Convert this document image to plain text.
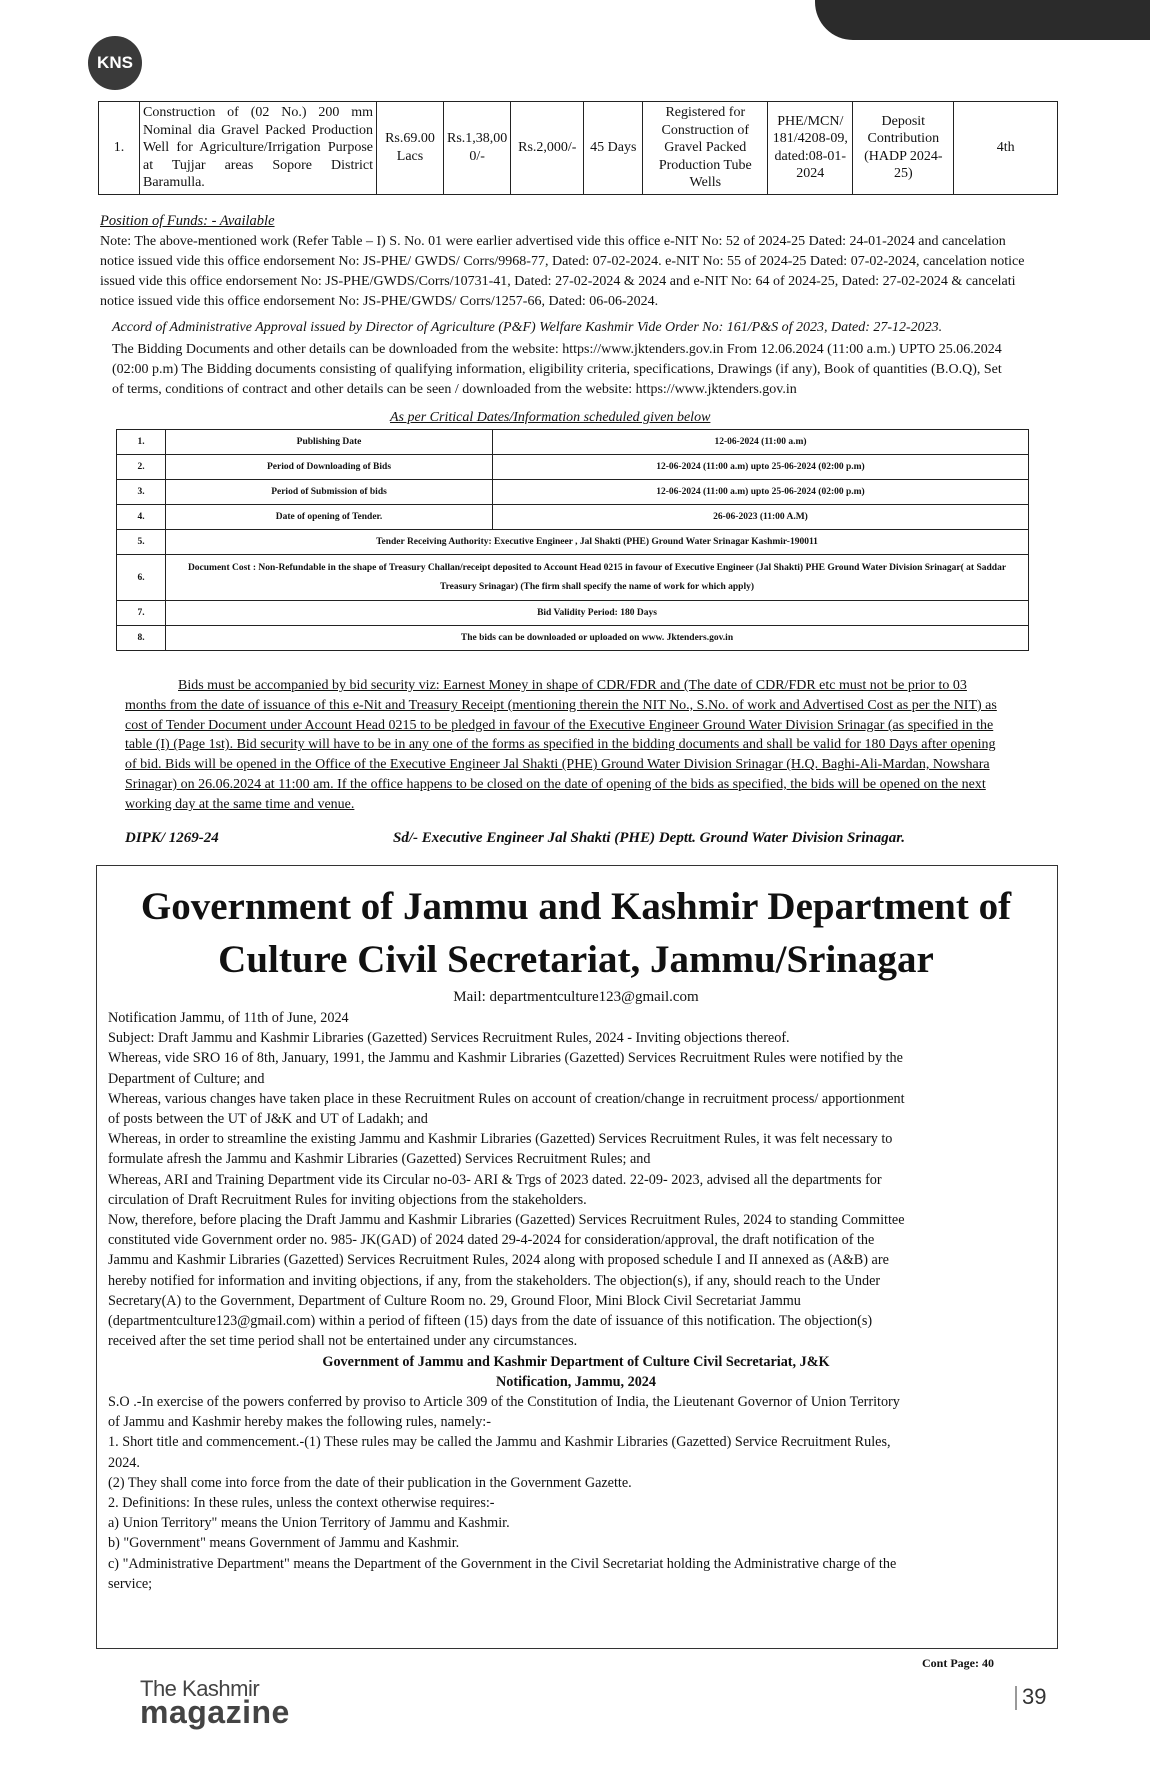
KNS
1.	Construction of (02 No.) 200 mm Nominal dia Gravel Packed Production Well for Agriculture/Irrigation Purpose at Tujjar areas Sopore District Baramulla.	Rs.69.00 Lacs	Rs.1,38,00 0/-	Rs.2,000/-	45 Days	Registered for Construction of Gravel Packed Production Tube Wells	PHE/MCN/ 181/4208-09, dated:08-01-2024	Deposit Contribution (HADP 2024-25)	4th
Position of Funds: - Available
Note: The above-mentioned work (Refer Table – I) S. No. 01 were earlier advertised vide this office e-NIT No: 52 of 2024-25 Dated: 24-01-2024 and cancelation
notice issued vide this office endorsement No: JS-PHE/ GWDS/ Corrs/9968-77, Dated: 07-02-2024. e-NIT No: 55 of 2024-25 Dated: 07-02-2024, cancelation notice
issued vide this office endorsement No: JS-PHE/GWDS/Corrs/10731-41, Dated: 27-02-2024 & 2024 and e-NIT No: 64 of 2024-25, Dated: 27-02-2024 & cancelati
notice issued vide this office endorsement No: JS-PHE/GWDS/ Corrs/1257-66, Dated: 06-06-2024.
Accord of Administrative Approval issued by Director of Agriculture (P&F) Welfare Kashmir Vide Order No: 161/P&S of 2023, Dated: 27-12-2023.
The Bidding Documents and other details can be downloaded from the website: https://www.jktenders.gov.in From 12.06.2024 (11:00 a.m.) UPTO 25.06.2024
(02:00 p.m) The Bidding documents consisting of qualifying information, eligibility criteria, specifications, Drawings (if any), Book of quantities (B.O.Q), Set
of terms, conditions of contract and other details can be seen / downloaded from the website: https://www.jktenders.gov.in
As per Critical Dates/Information scheduled given below
1.	Publishing Date	12-06-2024 (11:00 a.m)
2.	Period of Downloading of Bids	12-06-2024 (11:00 a.m) upto 25-06-2024 (02:00 p.m)
3.	Period of Submission of bids	12-06-2024 (11:00 a.m) upto 25-06-2024 (02:00 p.m)
4.	Date of opening of Tender.	26-06-2023 (11:00 A.M)
5.	Tender Receiving Authority: Executive Engineer , Jal Shakti (PHE) Ground Water Srinagar Kashmir-190011	
6.	Document Cost : Non-Refundable in the shape of Treasury Challan/receipt deposited to Account Head 0215 in favour of Executive Engineer (Jal Shakti) PHE Ground Water Division Srinagar( at Saddar Treasury Srinagar) (The firm shall specify the name of work for which apply)	
7.	Bid Validity Period: 180 Days	
8.	The bids can be downloaded or uploaded on www. Jktenders.gov.in	
Bids must be accompanied by bid security viz: Earnest Money in shape of CDR/FDR and (The date of CDR/FDR etc must not be prior to 03
months from the date of issuance of this e-Nit and Treasury Receipt (mentioning therein the NIT No., S.No. of work and Advertised Cost as per the NIT) as
cost of Tender Document under Account Head 0215 to be pledged in favour of the Executive Engineer Ground Water Division Srinagar (as specified in the
table (I) (Page 1st). Bid security will have to be in any one of the forms as specified in the bidding documents and shall be valid for 180 Days after opening
of bid. Bids will be opened in the Office of the Executive Engineer Jal Shakti (PHE) Ground Water Division Srinagar (H.Q. Baghi-Ali-Mardan, Nowshara
Srinagar) on 26.06.2024 at 11:00 am. If the office happens to be closed on the date of opening of the bids as specified, the bids will be opened on the next
working day at the same time and venue.
DIPK/ 1269-24	Sd/- Executive Engineer Jal Shakti (PHE) Deptt. Ground Water Division Srinagar.
Government of Jammu and Kashmir Department of
Culture Civil Secretariat, Jammu/Srinagar
Mail: departmentculture123@gmail.com
Notification Jammu, of 11th of June, 2024
Subject: Draft Jammu and Kashmir Libraries (Gazetted) Services Recruitment Rules, 2024 - Inviting objections thereof.
Whereas, vide SRO 16 of 8th, January, 1991, the Jammu and Kashmir Libraries (Gazetted) Services Recruitment Rules were notified by the
Department of Culture; and
Whereas, various changes have taken place in these Recruitment Rules on account of creation/change in recruitment process/ apportionment
of posts between the UT of J&K and UT of Ladakh; and
Whereas, in order to streamline the existing Jammu and Kashmir Libraries (Gazetted) Services Recruitment Rules, it was felt necessary to
formulate afresh the Jammu and Kashmir Libraries (Gazetted) Services Recruitment Rules; and
Whereas, ARI and Training Department vide its Circular no-03- ARI & Trgs of 2023 dated. 22-09- 2023, advised all the departments for
circulation of Draft Recruitment Rules for inviting objections from the stakeholders.
Now, therefore, before placing the Draft Jammu and Kashmir Libraries (Gazetted) Services Recruitment Rules, 2024 to standing Committee
constituted vide Government order no. 985- JK(GAD) of 2024 dated 29-4-2024 for consideration/approval, the draft notification of the
Jammu and Kashmir Libraries (Gazetted) Services Recruitment Rules, 2024 along with proposed schedule I and II annexed as (A&B) are
hereby notified for information and inviting objections, if any, from the stakeholders. The objection(s), if any, should reach to the Under
Secretary(A) to the Government, Department of Culture Room no. 29, Ground Floor, Mini Block Civil Secretariat Jammu
(departmentculture123@gmail.com) within a period of fifteen (15) days from the date of issuance of this notification. The objection(s)
received after the set time period shall not be entertained under any circumstances.
Government of Jammu and Kashmir Department of Culture Civil Secretariat, J&K
Notification, Jammu, 2024
S.O .-In exercise of the powers conferred by proviso to Article 309 of the Constitution of India, the Lieutenant Governor of Union Territory
of Jammu and Kashmir hereby makes the following rules, namely:-
1. Short title and commencement.-(1) These rules may be called the Jammu and Kashmir Libraries (Gazetted) Service Recruitment Rules,
2024.
(2) They shall come into force from the date of their publication in the Government Gazette.
2. Definitions: In these rules, unless the context otherwise requires:-
a) Union Territory" means the Union Territory of Jammu and Kashmir.
b) "Government" means Government of Jammu and Kashmir.
c) "Administrative Department" means the Department of the Government in the Civil Secretariat holding the Administrative charge of the
service;
Cont Page: 40
The Kashmir
magazine	39
